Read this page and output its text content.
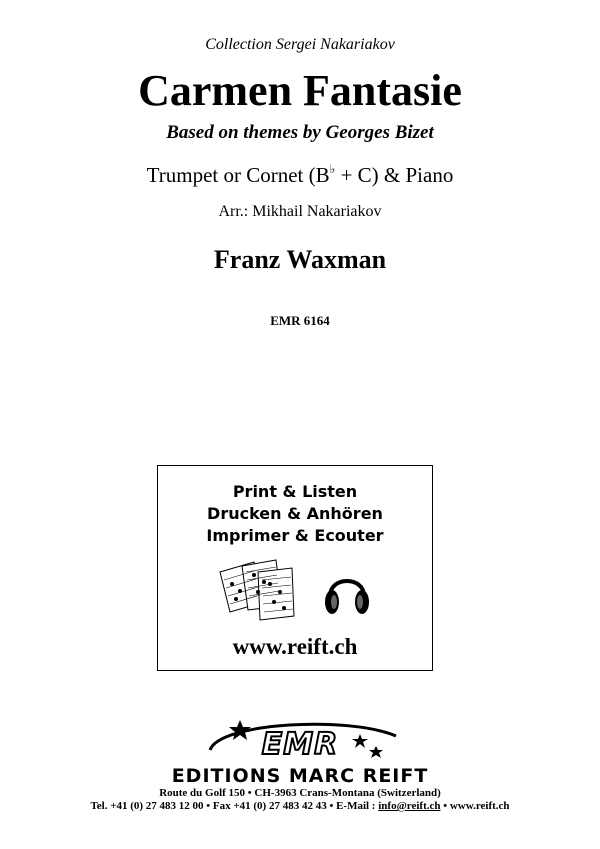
Collection Sergei Nakariakov
Carmen Fantasie
Based on themes by Georges Bizet
Trumpet or Cornet (B♭ + C) & Piano
Arr.: Mikhail Nakariakov
Franz Waxman
EMR 6164
Print & Listen
Drucken & Anhören
Imprimer & Ecouter
www.reift.ch
EMR
EDITIONS MARC REIFT
Route du Golf 150 • CH-3963 Crans-Montana (Switzerland)
Tel. +41 (0) 27 483 12 00 • Fax +41 (0) 27 483 42 43 • E-Mail : info@reift.ch • www.reift.ch
